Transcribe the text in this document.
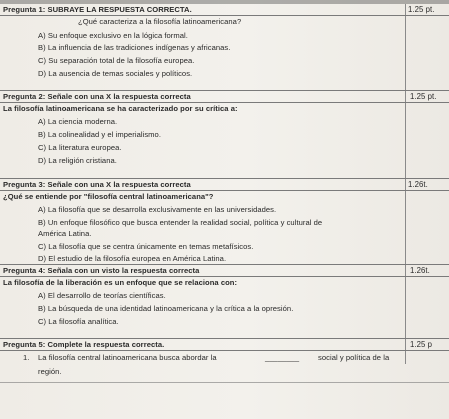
Pregunta 1: SUBRAYE LA RESPUESTA CORRECTA.	1.25 pt.
¿Qué caracteriza a la filosofía latinoamericana?
A) Su enfoque exclusivo en la lógica formal.
B) La influencia de las tradiciones indígenas y africanas.
C) Su separación total de la filosofía europea.
D) La ausencia de temas sociales y políticos.
Pregunta 2: Señale con una X la respuesta correcta	1.25 pt.
La filosofía latinoamericana se ha caracterizado por su crítica a:
A) La ciencia moderna.
B) La colinealidad y el imperialismo.
C) La literatura europea.
D) La religión cristiana.
Pregunta 3: Señale con una X la respuesta correcta	1.26t.
¿Qué se entiende por "filosofía central latinoamericana"?
A) La filosofía que se desarrolla exclusivamente en las universidades.
B) Un enfoque filosófico que busca entender la realidad social, política y cultural de
América Latina.
C) La filosofía que se centra únicamente en temas metafísicos.
D) El estudio de la filosofía europea en América Latina.
Pregunta 4: Señala con un visto la respuesta correcta	1.26t.
La filosofía de la liberación es un enfoque que se relaciona con:
A) El desarrollo de teorías científicas.
B) La búsqueda de una identidad latinoamericana y la crítica a la opresión.
C) La filosofía analítica.
Pregunta 5: Complete la respuesta correcta.	1.25 p
1. La filosofía central latinoamericana busca abordar la	________ social y política de la
región.
